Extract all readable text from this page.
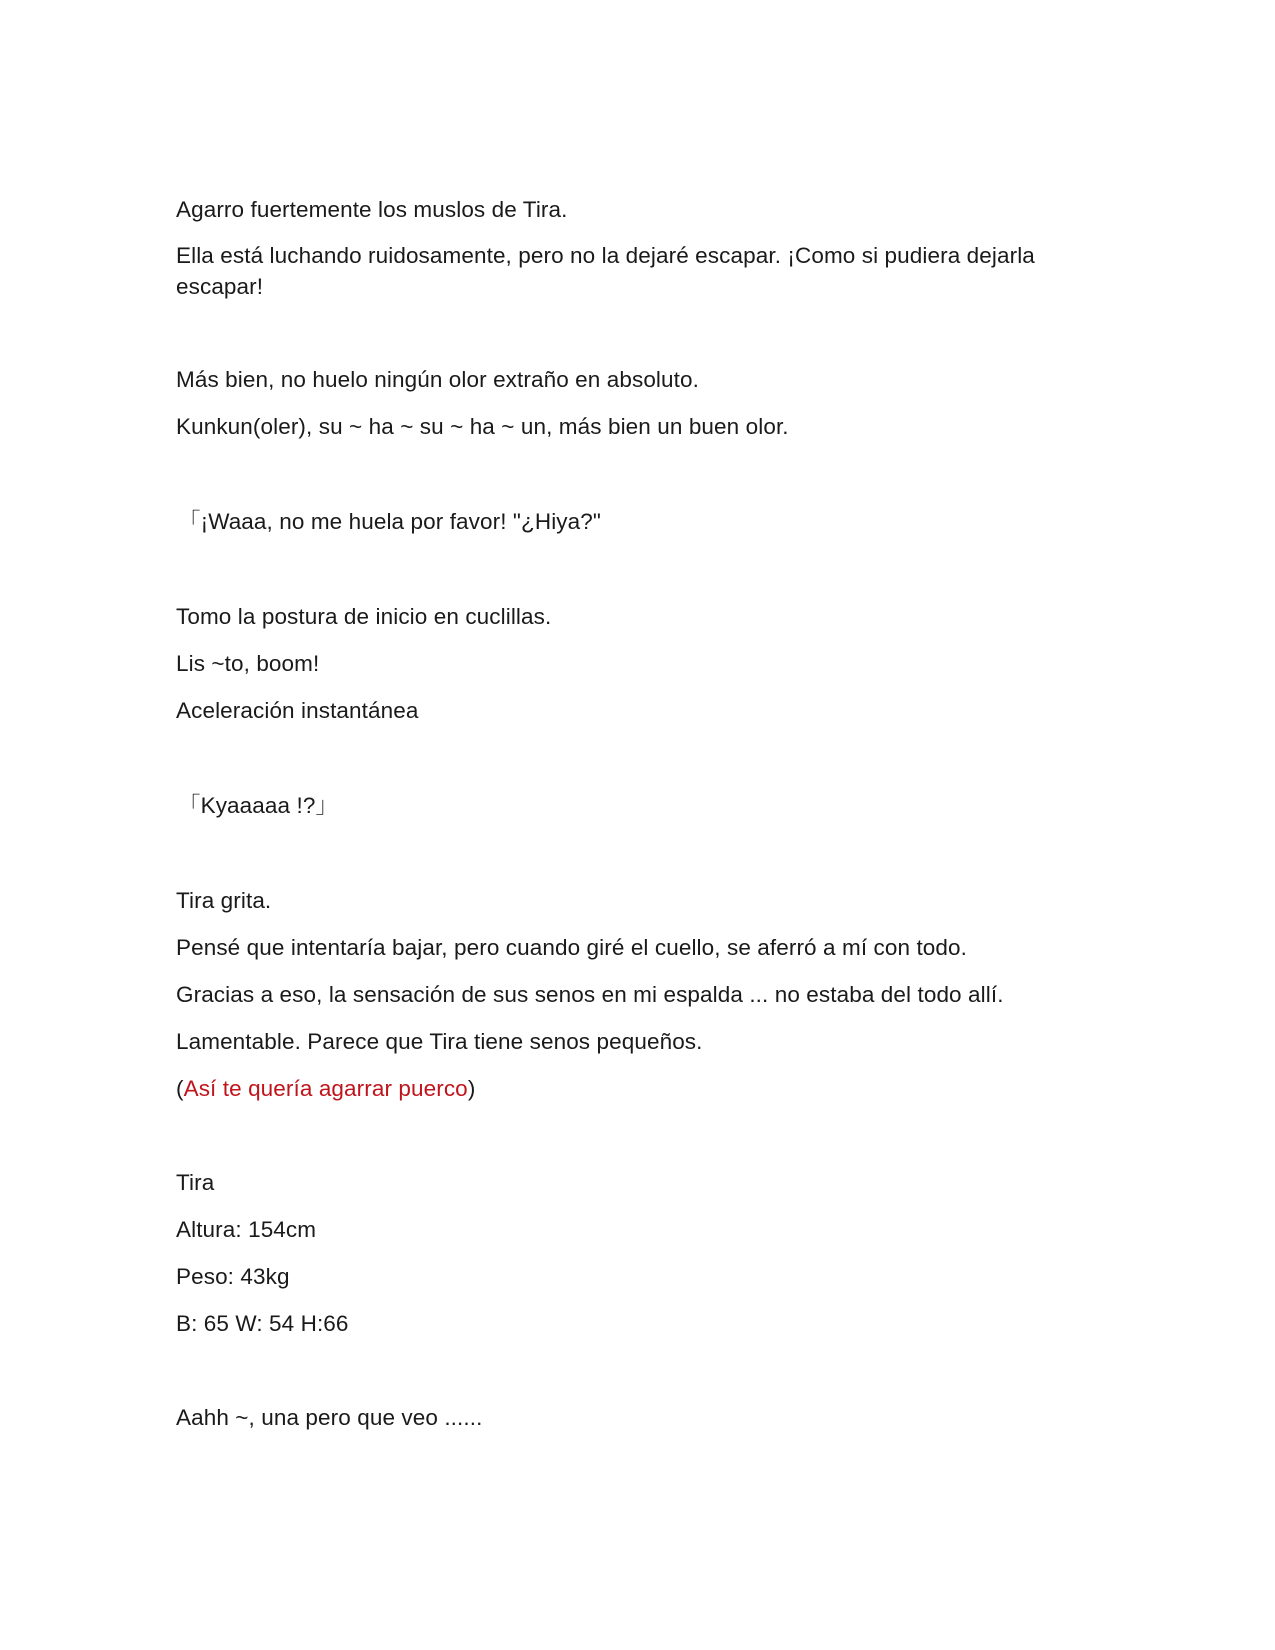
Agarro fuertemente los muslos de Tira.
Ella está luchando ruidosamente, pero no la dejaré escapar. ¡Como si pudiera dejarla escapar!
Más bien, no huelo ningún olor extraño en absoluto.
Kunkun(oler), su ~ ha ~ su ~ ha ~ un, más bien un buen olor.
「¡Waaa, no me huela por favor! "¿Hiya?"
Tomo la postura de inicio en cuclillas.
Lis ~to, boom!
Aceleración instantánea
「Kyaaaaa !?」
Tira grita.
Pensé que intentaría bajar, pero cuando giré el cuello, se aferró a mí con todo.
Gracias a eso, la sensación de sus senos en mi espalda ... no estaba del todo allí.
Lamentable. Parece que Tira tiene senos pequeños.
(Así te quería agarrar puerco)
Tira
Altura: 154cm
Peso: 43kg
B: 65 W: 54 H:66
Aahh ~, una pero que veo ......
